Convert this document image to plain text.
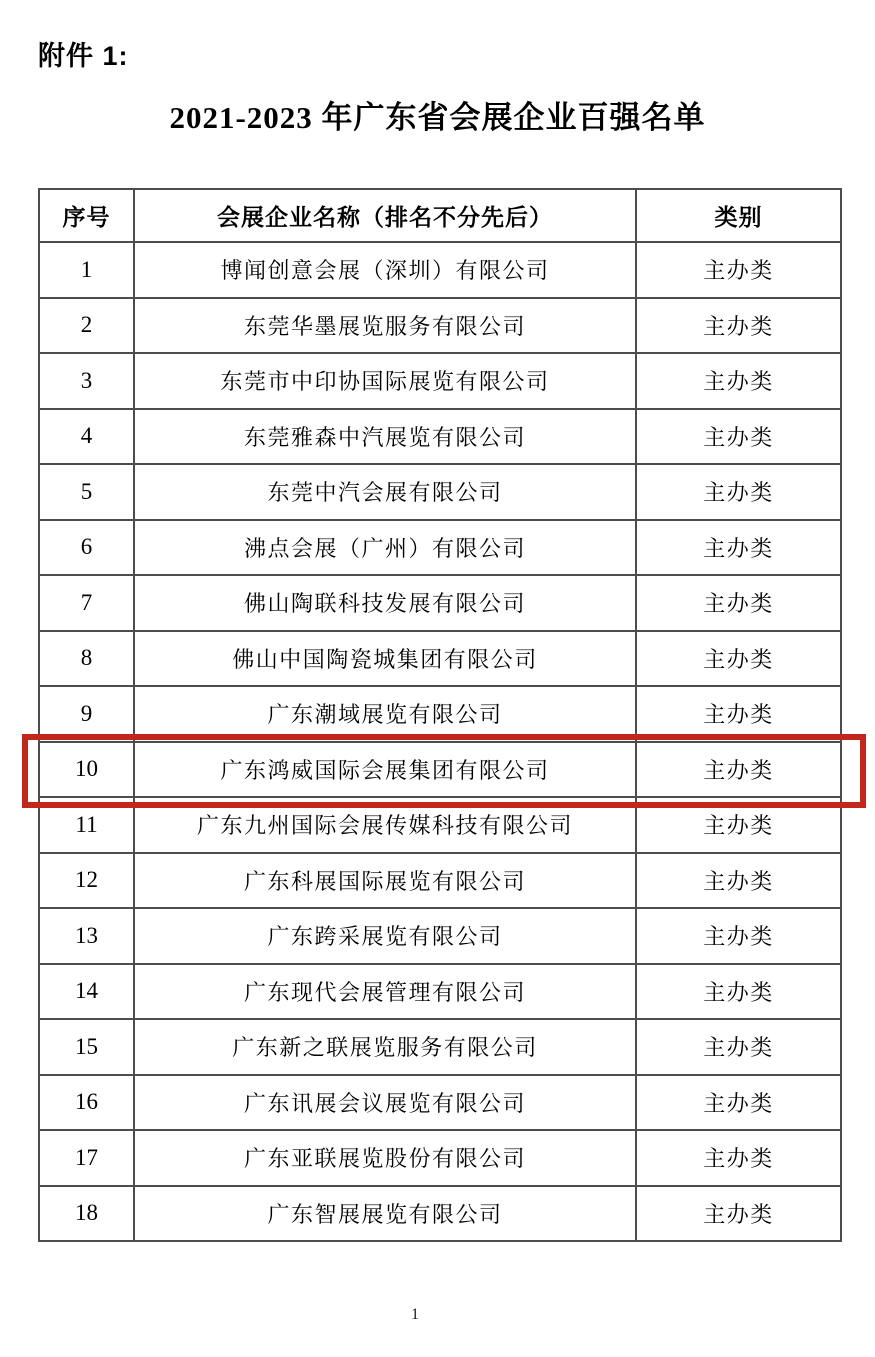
附件 1:
2021-2023 年广东省会展企业百强名单
序号	会展企业名称（排名不分先后）	类别
1	博闻创意会展（深圳）有限公司	主办类
2	东莞华墨展览服务有限公司	主办类
3	东莞市中印协国际展览有限公司	主办类
4	东莞雅森中汽展览有限公司	主办类
5	东莞中汽会展有限公司	主办类
6	沸点会展（广州）有限公司	主办类
7	佛山陶联科技发展有限公司	主办类
8	佛山中国陶瓷城集团有限公司	主办类
9	广东潮域展览有限公司	主办类
10	广东鸿威国际会展集团有限公司	主办类
11	广东九州国际会展传媒科技有限公司	主办类
12	广东科展国际展览有限公司	主办类
13	广东跨采展览有限公司	主办类
14	广东现代会展管理有限公司	主办类
15	广东新之联展览服务有限公司	主办类
16	广东讯展会议展览有限公司	主办类
17	广东亚联展览股份有限公司	主办类
18	广东智展展览有限公司	主办类
1
